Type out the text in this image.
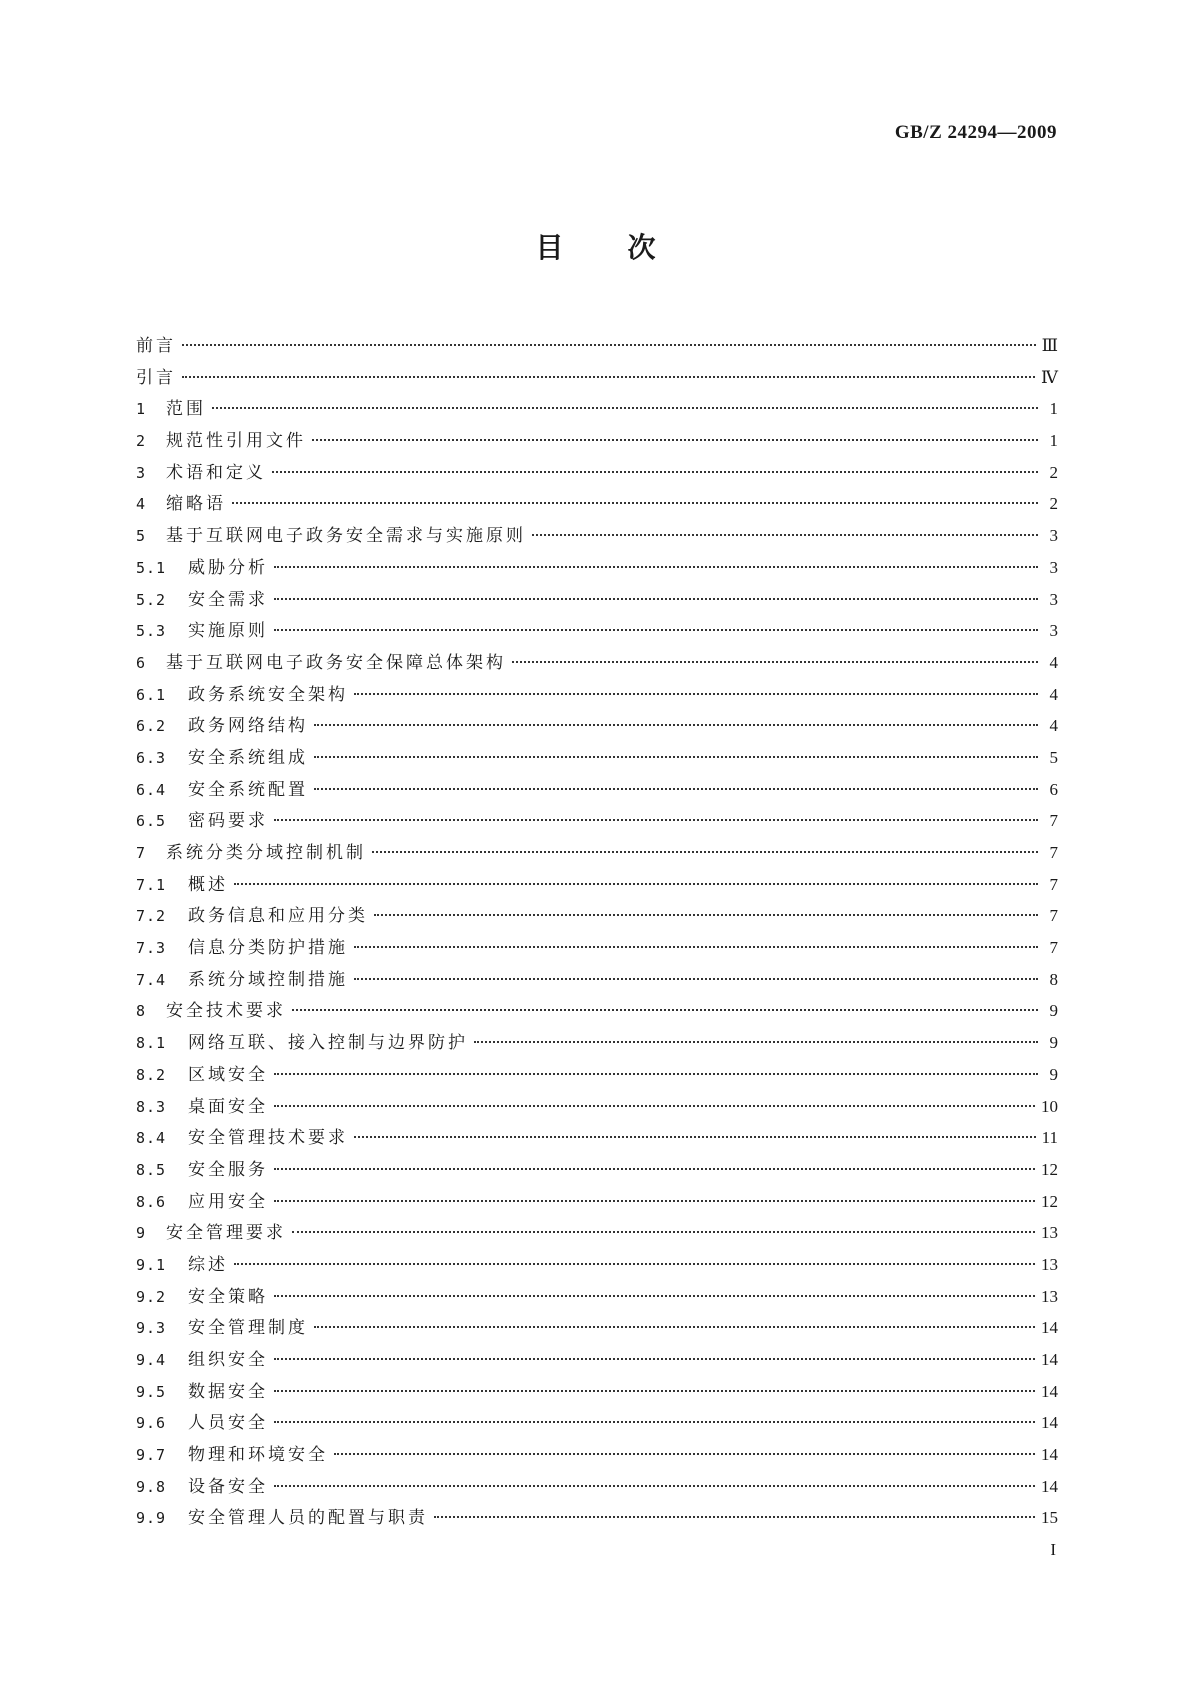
GB/Z 24294—2009
目次
前言	Ⅲ
引言	Ⅳ
1	范围	1
2	规范性引用文件	1
3	术语和定义	2
4	缩略语	2
5	基于互联网电子政务安全需求与实施原则	3
5.1	威胁分析	3
5.2	安全需求	3
5.3	实施原则	3
6	基于互联网电子政务安全保障总体架构	4
6.1	政务系统安全架构	4
6.2	政务网络结构	4
6.3	安全系统组成	5
6.4	安全系统配置	6
6.5	密码要求	7
7	系统分类分域控制机制	7
7.1	概述	7
7.2	政务信息和应用分类	7
7.3	信息分类防护措施	7
7.4	系统分域控制措施	8
8	安全技术要求	9
8.1	网络互联、接入控制与边界防护	9
8.2	区域安全	9
8.3	桌面安全	10
8.4	安全管理技术要求	11
8.5	安全服务	12
8.6	应用安全	12
9	安全管理要求	13
9.1	综述	13
9.2	安全策略	13
9.3	安全管理制度	14
9.4	组织安全	14
9.5	数据安全	14
9.6	人员安全	14
9.7	物理和环境安全	14
9.8	设备安全	14
9.9	安全管理人员的配置与职责	15
I
